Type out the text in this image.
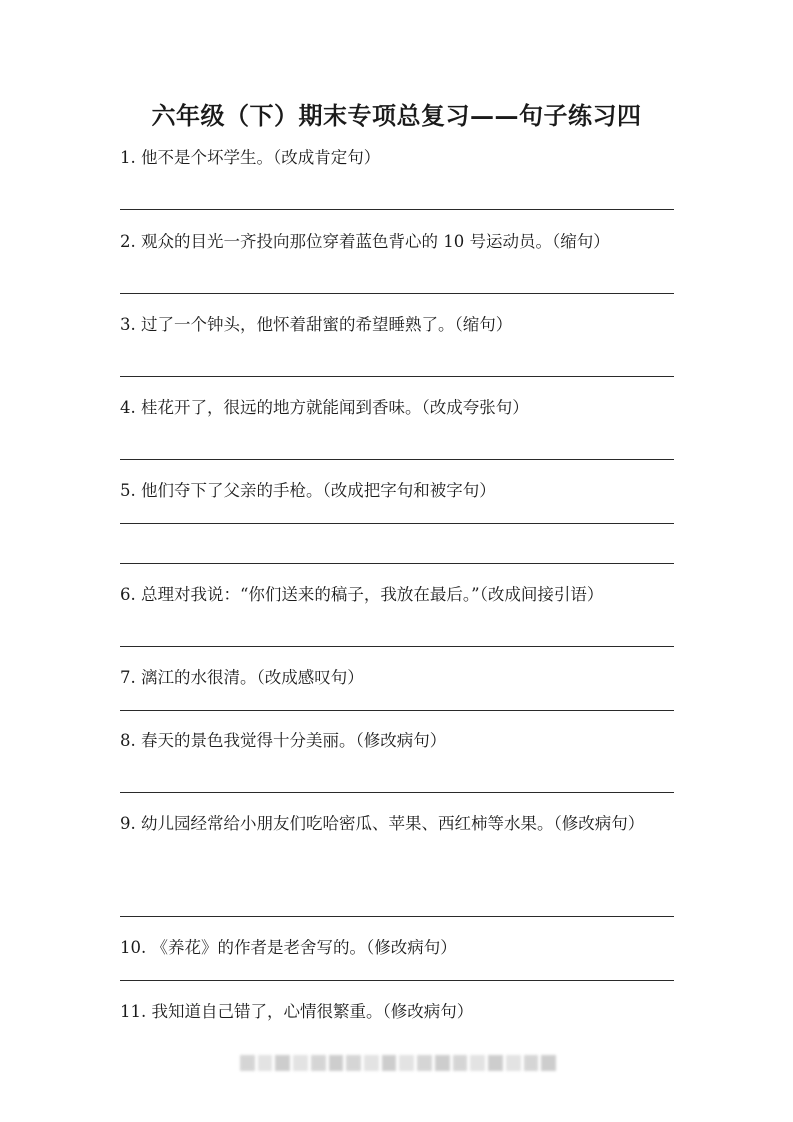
六年级（下）期末专项总复习——句子练习四
1. 他不是个坏学生。（改成肯定句）
2. 观众的目光一齐投向那位穿着蓝色背心的 10 号运动员。（缩句）
3. 过了一个钟头，他怀着甜蜜的希望睡熟了。（缩句）
4. 桂花开了，很远的地方就能闻到香味。（改成夸张句）
5. 他们夺下了父亲的手枪。（改成把字句和被字句）
6. 总理对我说：“你们送来的稿子，我放在最后。”（改成间接引语）
7. 漓江的水很清。（改成感叹句）
8. 春天的景色我觉得十分美丽。（修改病句）
9. 幼儿园经常给小朋友们吃哈密瓜、苹果、西红柿等水果。（修改病句）
10. 《养花》的作者是老舍写的。（修改病句）
11. 我知道自己错了，心情很繁重。（修改病句）
